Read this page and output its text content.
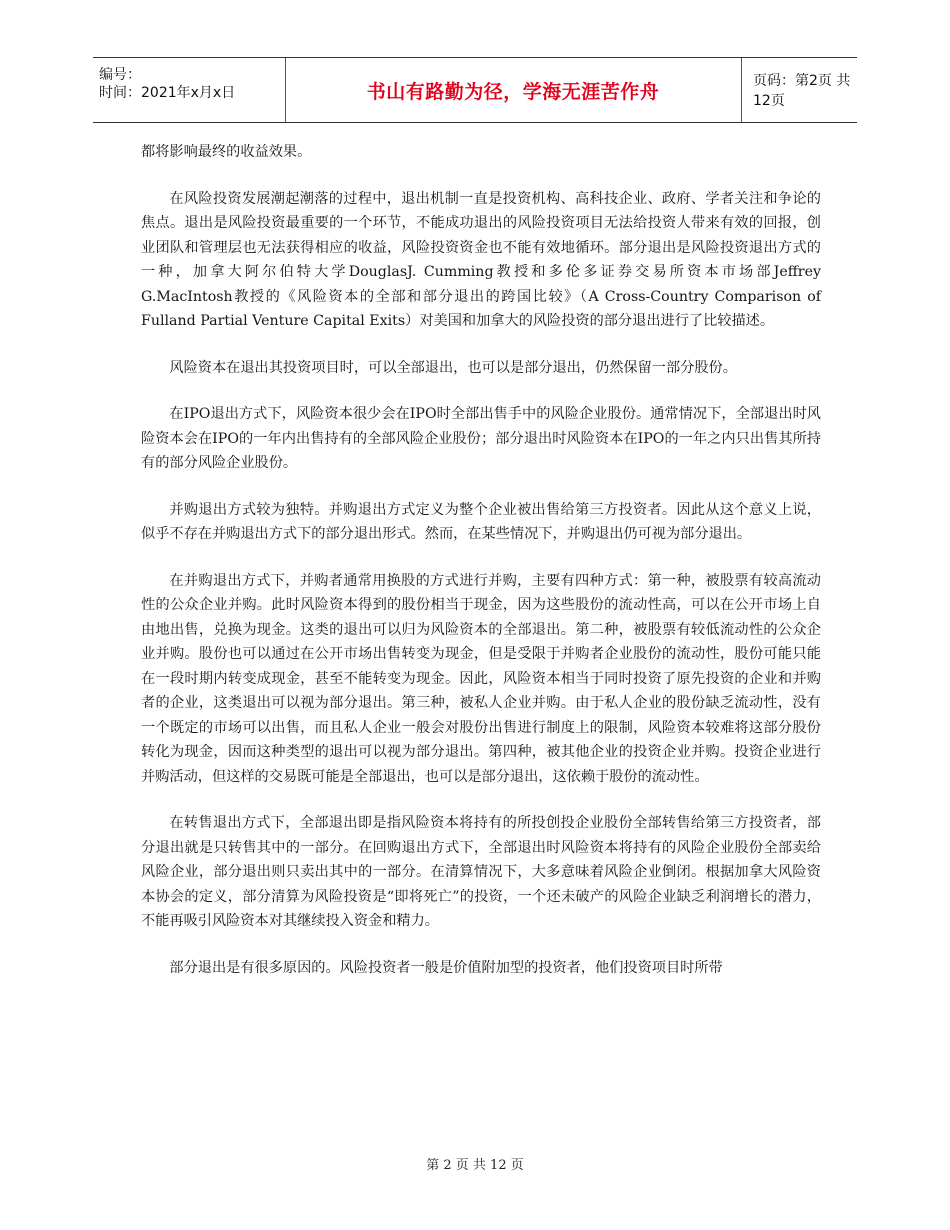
编号：
时间：2021年x月x日	书山有路勤为径，学海无涯苦作舟	页码：第2页 共12页

都将影响最终的收益效果。

在风险投资发展潮起潮落的过程中，退出机制一直是投资机构、高科技企业、政府、学者关注和争论的焦点。退出是风险投资最重要的一个环节，不能成功退出的风险投资项目无法给投资人带来有效的回报，创业团队和管理层也无法获得相应的收益，风险投资资金也不能有效地循环。部分退出是风险投资退出方式的一种，加拿大阿尔伯特大学DouglasJ. Cumming教授和多伦多证券交易所资本市场部Jeffrey G.MacIntosh教授的《风险资本的全部和部分退出的跨国比较》（A Cross-Country Comparison of Fulland Partial Venture Capital Exits）对美国和加拿大的风险投资的部分退出进行了比较描述。

风险资本在退出其投资项目时，可以全部退出，也可以是部分退出，仍然保留一部分股份。

在IPO退出方式下，风险资本很少会在IPO时全部出售手中的风险企业股份。通常情况下，全部退出时风险资本会在IPO的一年内出售持有的全部风险企业股份；部分退出时风险资本在IPO的一年之内只出售其所持有的部分风险企业股份。

并购退出方式较为独特。并购退出方式定义为整个企业被出售给第三方投资者。因此从这个意义上说，似乎不存在并购退出方式下的部分退出形式。然而，在某些情况下，并购退出仍可视为部分退出。

在并购退出方式下，并购者通常用换股的方式进行并购，主要有四种方式：第一种，被股票有较高流动性的公众企业并购。此时风险资本得到的股份相当于现金，因为这些股份的流动性高，可以在公开市场上自由地出售，兑换为现金。这类的退出可以归为风险资本的全部退出。第二种，被股票有较低流动性的公众企业并购。股份也可以通过在公开市场出售转变为现金，但是受限于并购者企业股份的流动性，股份可能只能在一段时期内转变成现金，甚至不能转变为现金。因此，风险资本相当于同时投资了原先投资的企业和并购者的企业，这类退出可以视为部分退出。第三种，被私人企业并购。由于私人企业的股份缺乏流动性，没有一个既定的市场可以出售，而且私人企业一般会对股份出售进行制度上的限制，风险资本较难将这部分股份转化为现金，因而这种类型的退出可以视为部分退出。第四种，被其他企业的投资企业并购。投资企业进行并购活动，但这样的交易既可能是全部退出，也可以是部分退出，这依赖于股份的流动性。

在转售退出方式下，全部退出即是指风险资本将持有的所投创投企业股份全部转售给第三方投资者，部分退出就是只转售其中的一部分。在回购退出方式下，全部退出时风险资本将持有的风险企业股份全部卖给风险企业，部分退出则只卖出其中的一部分。在清算情况下，大多意味着风险企业倒闭。根据加拿大风险资本协会的定义，部分清算为风险投资是“即将死亡”的投资，一个还未破产的风险企业缺乏利润增长的潜力，不能再吸引风险资本对其继续投入资金和精力。

部分退出是有很多原因的。风险投资者一般是价值附加型的投资者，他们投资项目时所带

第 2 页 共 12 页
